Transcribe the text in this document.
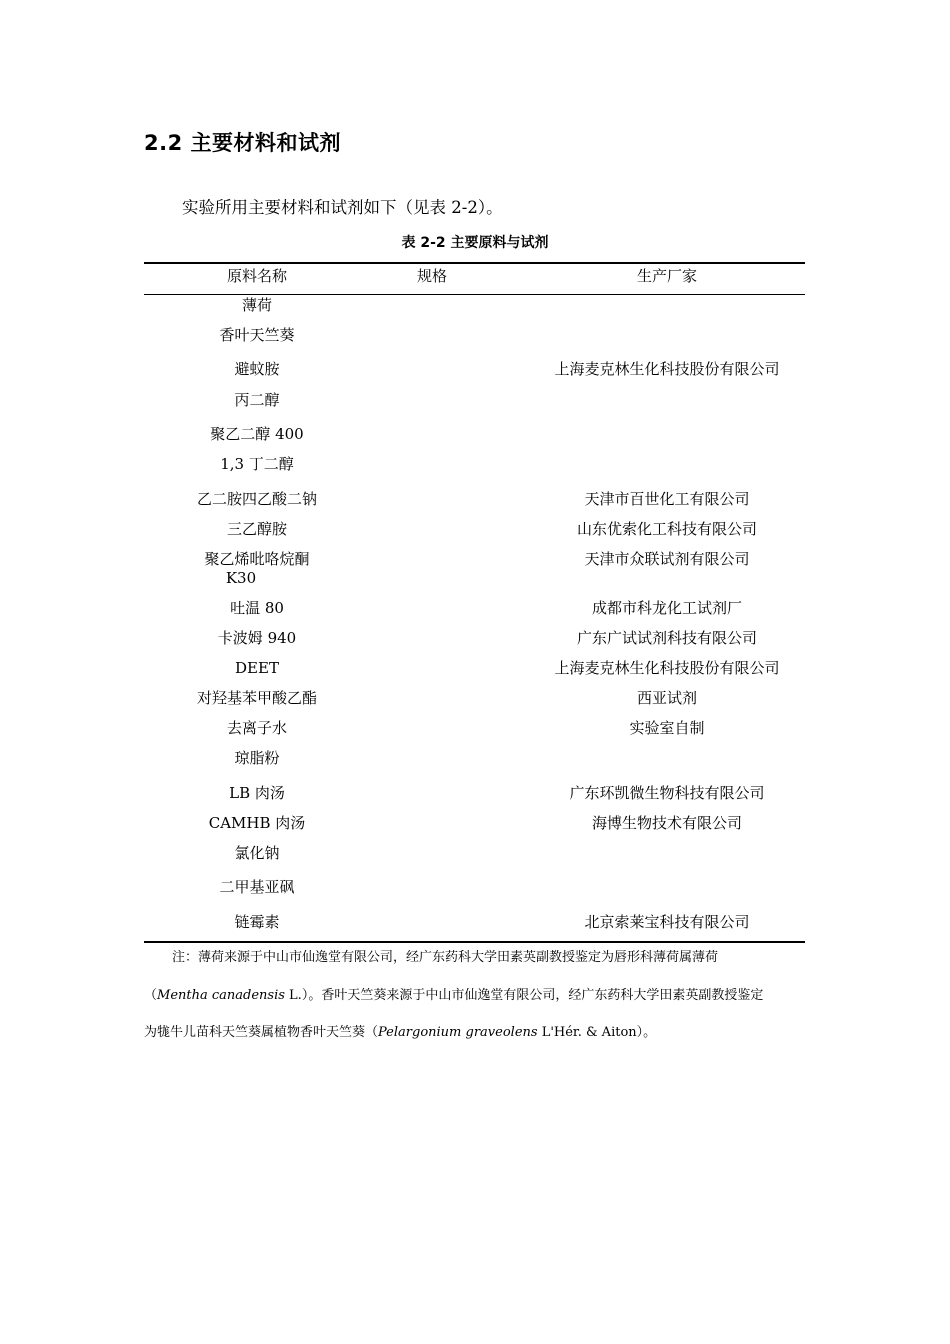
2.2 主要材料和试剂
实验所用主要材料和试剂如下（见表 2-2）。
表 2-2 主要原料与试剂
原料名称	规格	生产厂家
薄荷
香叶天竺葵
避蚊胺
丙二醇
聚乙二醇 400
1,3 丁二醇
乙二胺四乙酸二钠
三乙醇胺
聚乙烯吡咯烷酮
K30
吐温 80
卡波姆 940
DEET
对羟基苯甲酸乙酯
去离子水
琼脂粉
LB 肉汤
CAMHB 肉汤
氯化钠
二甲基亚砜
链霉素
上海麦克林生化科技股份有限公司
天津市百世化工有限公司
山东优索化工科技有限公司
天津市众联试剂有限公司
成都市科龙化工试剂厂
广东广试试剂科技有限公司
上海麦克林生化科技股份有限公司
西亚试剂
实验室自制
广东环凯微生物科技有限公司
海博生物技术有限公司
北京索莱宝科技有限公司
注：薄荷来源于中山市仙逸堂有限公司，经广东药科大学田素英副教授鉴定为唇形科薄荷属薄荷
（Mentha canadensis L.）。香叶天竺葵来源于中山市仙逸堂有限公司，经广东药科大学田素英副教授鉴定
为牻牛儿苗科天竺葵属植物香叶天竺葵（Pelargonium graveolens L'Hér. & Aiton）。
